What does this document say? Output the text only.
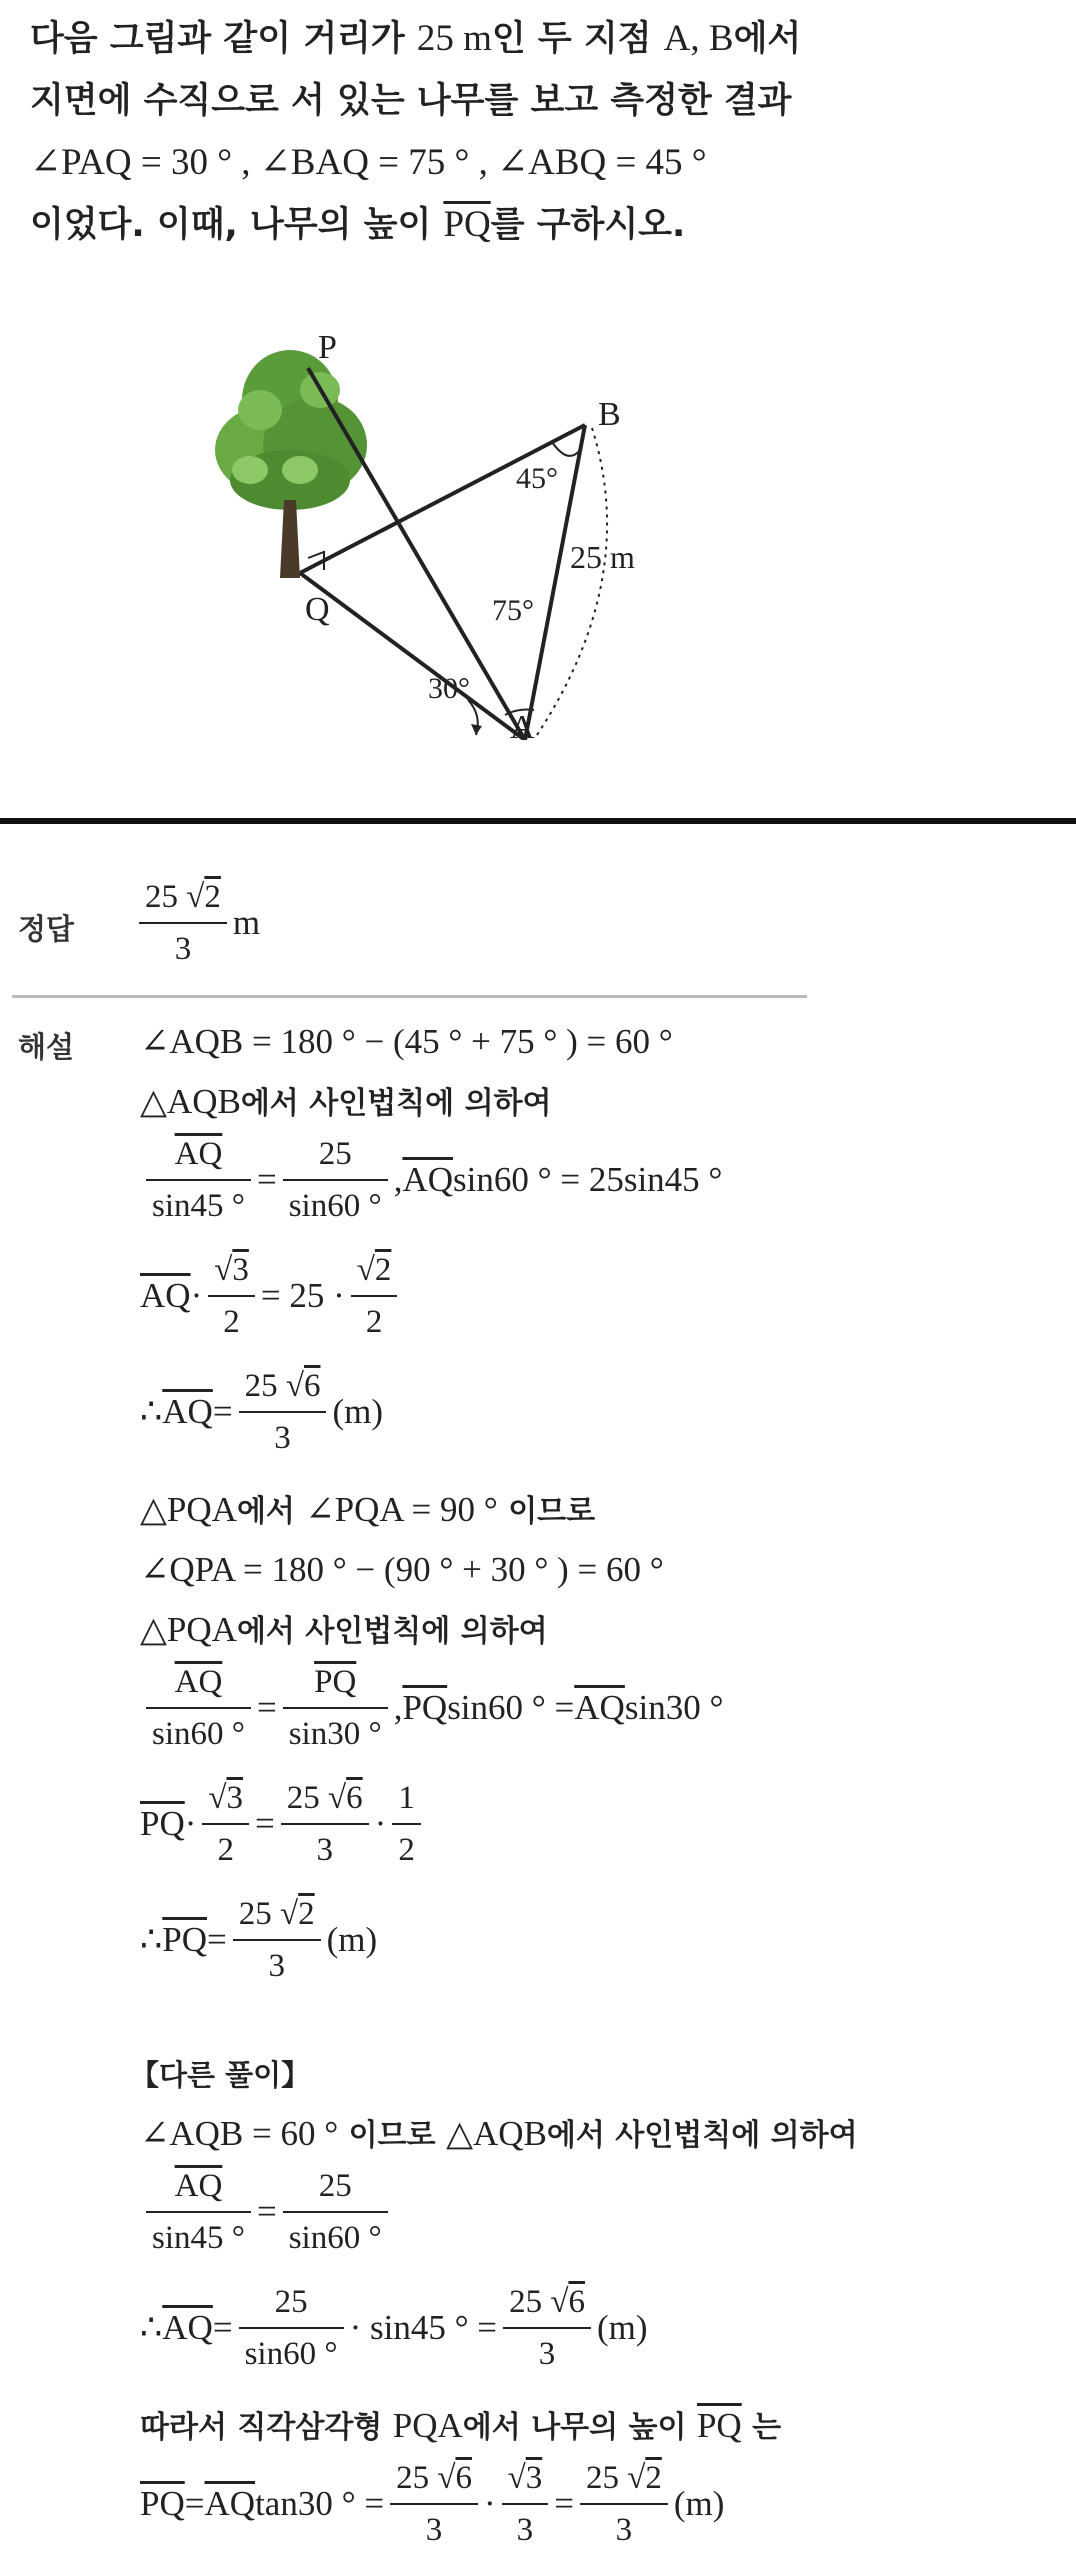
다음 그림과 같이 거리가 25 m인 두 지점 A, B에서
지면에 수직으로 서 있는 나무를 보고 측정한 결과
∠PAQ = 30 ° , ∠BAQ = 75 ° , ∠ABQ = 45 °
이었다. 이때, 나무의 높이 $\overline{PQ}$를 구하시오.
P
B
Q
A
45°
75°
30°
25 m
정답 $\frac{25 √2}{3}$ m
해설 ∠AQB = 180 ° − (45 ° + 75 ° ) = 60 °
△AQB에서 사인법칙에 의하여
$\frac{\overline{AQ}}{\sin 45 ^\circ} = \frac{25}{\sin 60 ^\circ} ,\overline{AQ}\sin 60$ ° = 25sin45 °
$\overline{AQ}\cdot \frac{√3}{2} = 25 \cdot \frac{√2}{2}$
$\therefore\overline{AQ}= \frac{25 √6}{3} (m)$
△PQA에서 ∠PQA = 90 ° 이므로
∠QPA = 180 ° − (90 ° + 30 ° ) = 60 °
△PQA에서 사인법칙에 의하여
$\frac{\overline{AQ}}{\sin 60 ^\circ} = \frac{\overline{PQ}}{\sin 30 ^\circ} ,\overline{PQ}\sin 60$ ° $=\overline{AQ}\sin 30$ °
$\overline{PQ}\cdot \frac{√3}{2} = \frac{25 √6}{3} \cdot \frac{1}{2}$
$\therefore\overline{PQ}= \frac{25 √2}{3} (m)$
【다른 풀이】
∠AQB = 60 ° 이므로 △AQB에서 사인법칙에 의하여
$\frac{\overline{AQ}}{\sin 45 ^\circ} = \frac{25}{\sin 60 ^\circ}$
$\therefore\overline{AQ}= \frac{25}{\sin 60 ^\circ} \cdot \sin 45$ ° = $\frac{25 √6}{3} (m)$
따라서 직각삼각형 PQA에서 나무의 높이 $\overline{PQ}$ 는
$\overline{PQ}=\overline{AQ}\tan 30$ ° = $\frac{25 √6}{3} \cdot \frac{√3}{3} = \frac{25 √2}{3} (m)$
